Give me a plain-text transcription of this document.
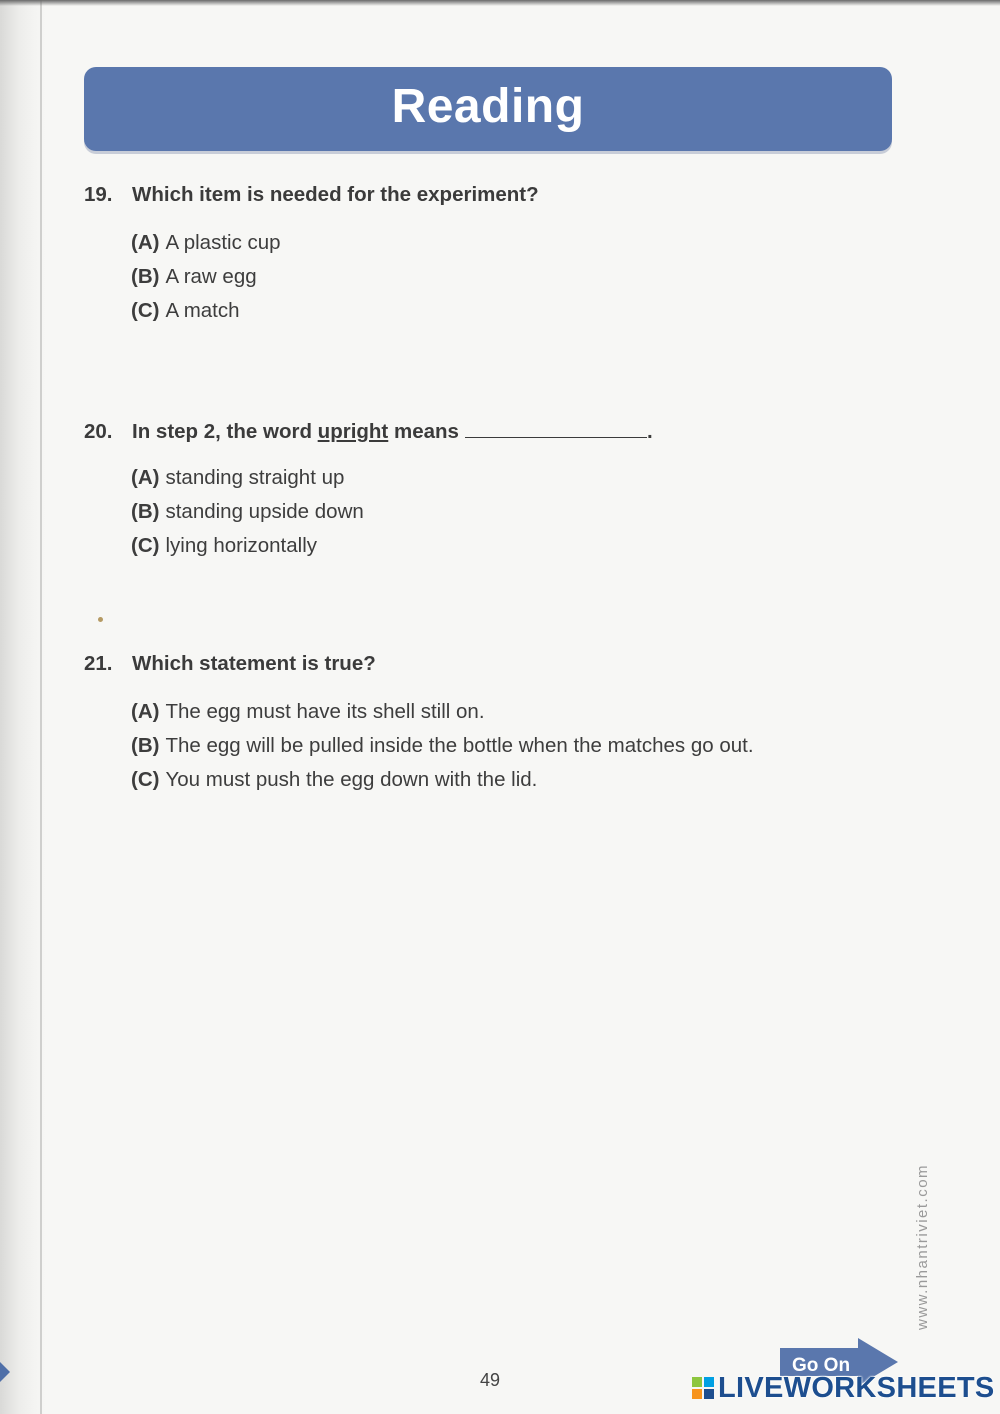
Reading
19. Which item is needed for the experiment?
(A) A plastic cup
(B) A raw egg
(C) A match
20. In step 2, the word upright means	.
(A) standing straight up
(B) standing upside down
(C) lying horizontally
21. Which statement is true?
(A) The egg must have its shell still on.
(B) The egg will be pulled inside the bottle when the matches go out.
(C) You must push the egg down with the lid.
www.nhantriviet.com
49
Go On
LIVEWORKSHEETS
